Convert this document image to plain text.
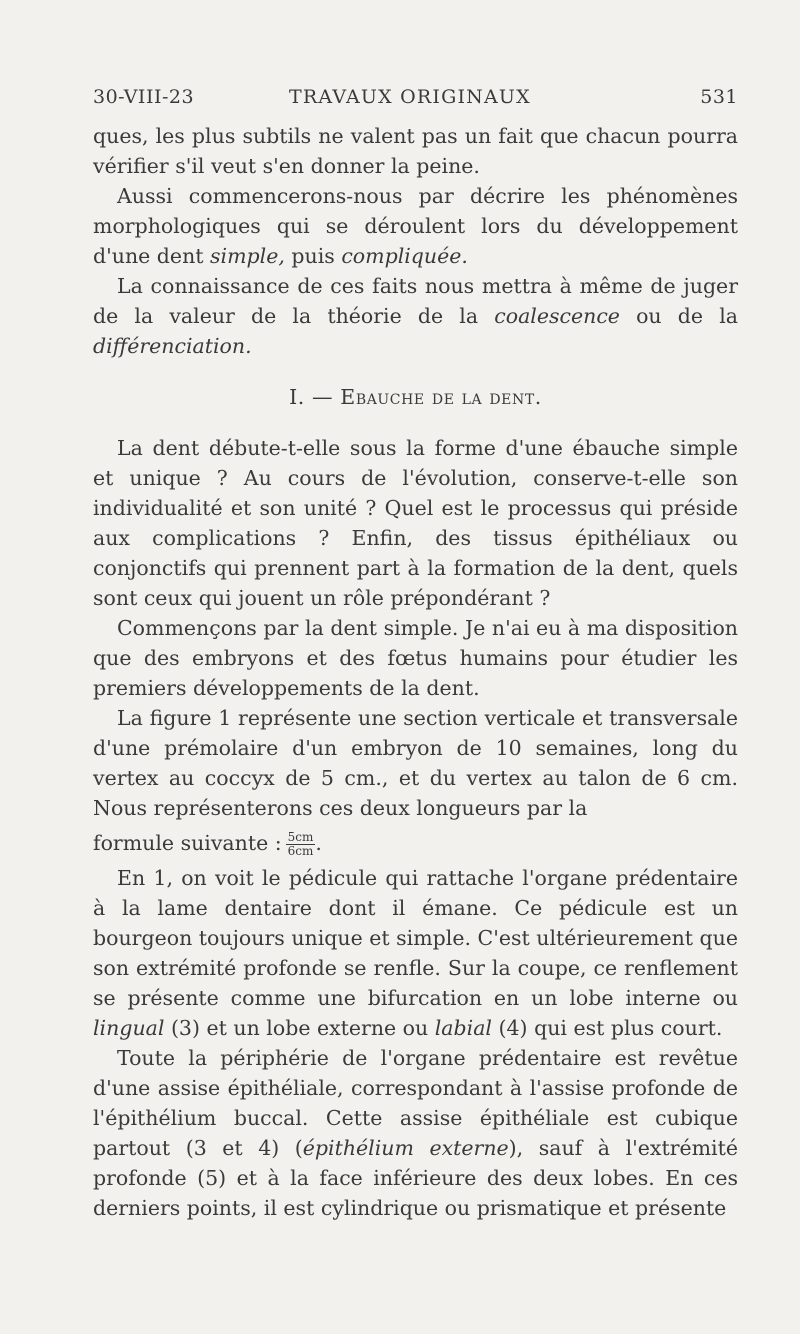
30-VIII-23	TRAVAUX ORIGINAUX	531

ques, les plus subtils ne valent pas un fait que chacun pourra vérifier s'il veut s'en donner la peine.

Aussi commencerons-nous par décrire les phénomènes morphologiques qui se déroulent lors du développement d'une dent simple, puis compliquée.

La connaissance de ces faits nous mettra à même de juger de la valeur de la théorie de la coalescence ou de la différenciation.

I. — Ebauche de la dent.

La dent débute-t-elle sous la forme d'une ébauche simple et unique ? Au cours de l'évolution, conserve-t-elle son individualité et son unité ? Quel est le processus qui préside aux complications ? Enfin, des tissus épithéliaux ou conjonctifs qui prennent part à la formation de la dent, quels sont ceux qui jouent un rôle prépondérant ?

Commençons par la dent simple. Je n'ai eu à ma disposition que des embryons et des fœtus humains pour étudier les premiers développements de la dent.

La figure 1 représente une section verticale et transversale d'une prémolaire d'un embryon de 10 semaines, long du vertex au coccyx de 5 cm., et du vertex au talon de 6 cm. Nous représenterons ces deux longueurs par la

formule suivante : $\frac{5cm}{6cm}$ .

En 1, on voit le pédicule qui rattache l'organe prédentaire à la lame dentaire dont il émane. Ce pédicule est un bourgeon toujours unique et simple. C'est ultérieurement que son extrémité profonde se renfle. Sur la coupe, ce renflement se présente comme une bifurcation en un lobe interne ou lingual (3) et un lobe externe ou labial (4) qui est plus court.

Toute la périphérie de l'organe prédentaire est revêtue d'une assise épithéliale, correspondant à l'assise profonde de l'épithélium buccal. Cette assise épithéliale est cubique partout (3 et 4) (épithélium externe), sauf à l'extrémité profonde (5) et à la face inférieure des deux lobes. En ces derniers points, il est cylindrique ou prismatique et présente
